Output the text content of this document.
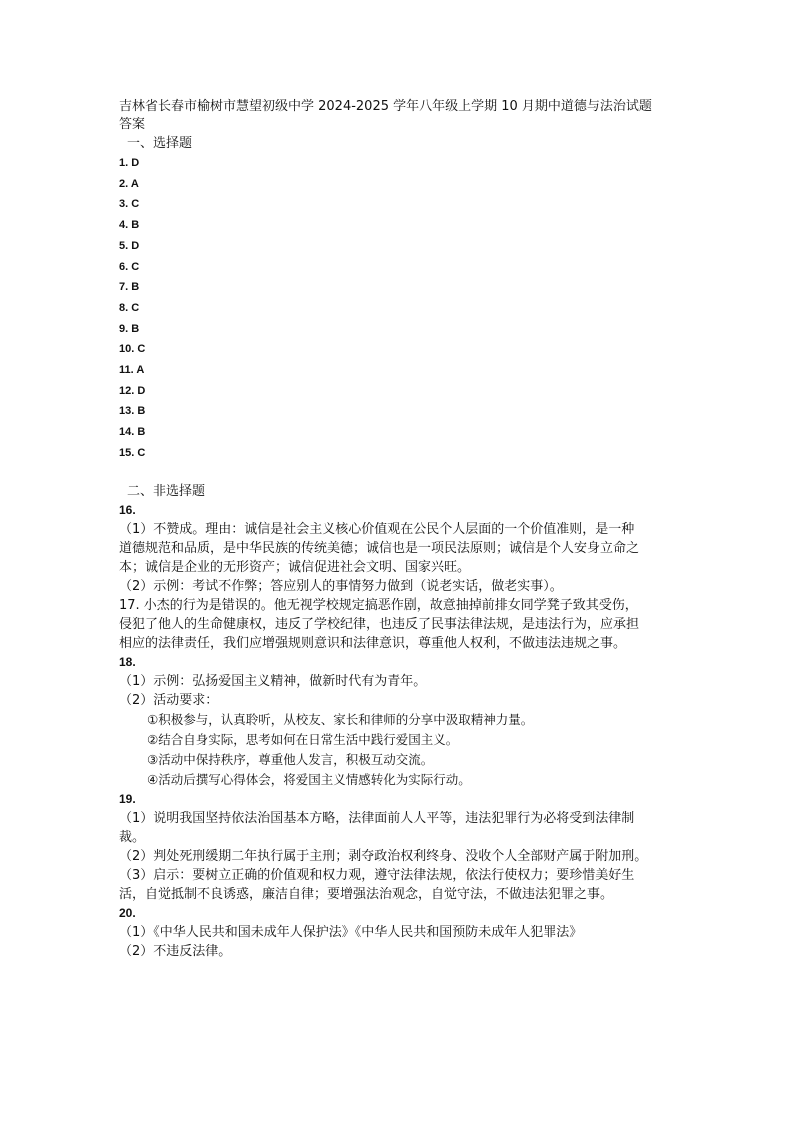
吉林省长春市榆树市慧望初级中学 2024-2025 学年八年级上学期 10 月期中道德与法治试题
答案
一、选择题
1. D
2. A
3. C
4. B
5. D
6. C
7. B
8. C
9. B
10. C
11. A
12. D
13. B
14. B
15. C
二、非选择题
16.
（1）不赞成。理由：诚信是社会主义核心价值观在公民个人层面的一个价值准则，是一种
道德规范和品质，是中华民族的传统美德；诚信也是一项民法原则；诚信是个人安身立命之
本；诚信是企业的无形资产；诚信促进社会文明、国家兴旺。
（2）示例：考试不作弊；答应别人的事情努力做到（说老实话，做老实事）。
17. 小杰的行为是错误的。他无视学校规定搞恶作剧，故意抽掉前排女同学凳子致其受伤，
侵犯了他人的生命健康权，违反了学校纪律，也违反了民事法律法规，是违法行为，应承担
相应的法律责任，我们应增强规则意识和法律意识，尊重他人权利，不做违法违规之事。
18.
（1）示例：弘扬爱国主义精神，做新时代有为青年。
（2）活动要求：
①积极参与，认真聆听，从校友、家长和律师的分享中汲取精神力量。
②结合自身实际，思考如何在日常生活中践行爱国主义。
③活动中保持秩序，尊重他人发言，积极互动交流。
④活动后撰写心得体会，将爱国主义情感转化为实际行动。
19.
（1）说明我国坚持依法治国基本方略，法律面前人人平等，违法犯罪行为必将受到法律制
裁。
（2）判处死刑缓期二年执行属于主刑；剥夺政治权利终身、没收个人全部财产属于附加刑。
（3）启示：要树立正确的价值观和权力观，遵守法律法规，依法行使权力；要珍惜美好生
活，自觉抵制不良诱惑，廉洁自律；要增强法治观念，自觉守法，不做违法犯罪之事。
20.
（1）《中华人民共和国未成年人保护法》《中华人民共和国预防未成年人犯罪法》
（2）不违反法律。
